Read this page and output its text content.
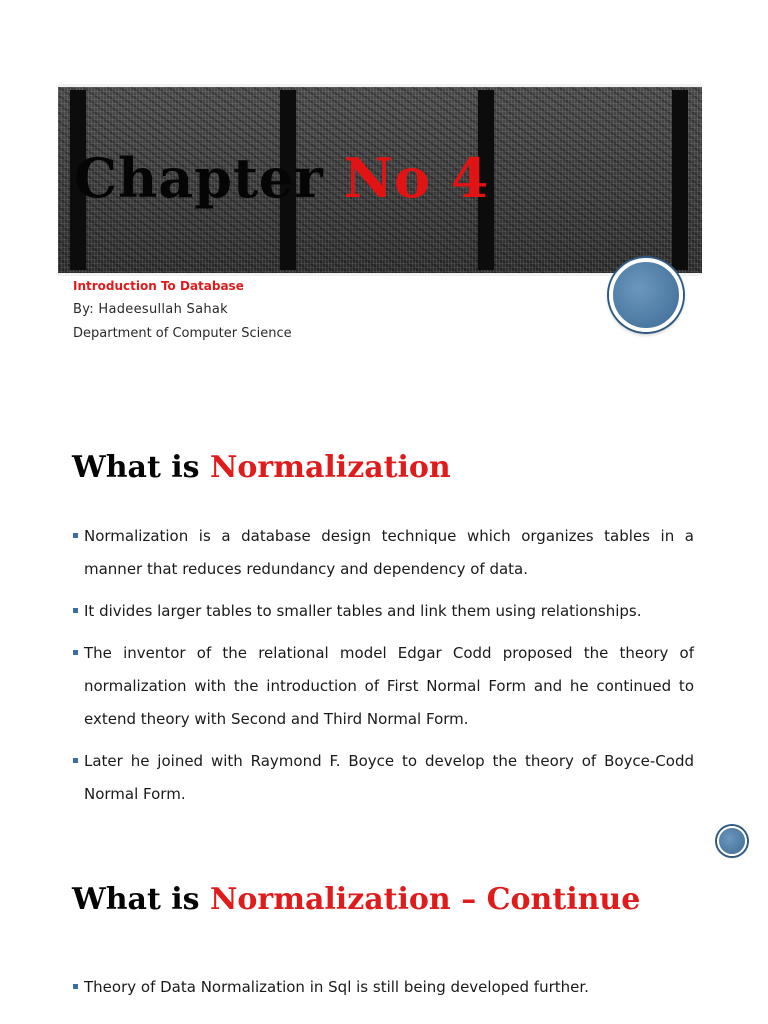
Chapter No 4
Introduction To Database
By: Hadeesullah Sahak
Department of Computer Science
What is Normalization
Normalization is a database design technique which organizes tables in a manner that reduces redundancy and dependency of data.
It divides larger tables to smaller tables and link them using relationships.
The inventor of the relational model Edgar Codd proposed the theory of normalization with the introduction of First Normal Form and he continued to extend theory with Second and Third Normal Form.
Later he joined with Raymond F. Boyce to develop the theory of Boyce-Codd Normal Form.
What is Normalization – Continue
Theory of Data Normalization in Sql is still being developed further.
